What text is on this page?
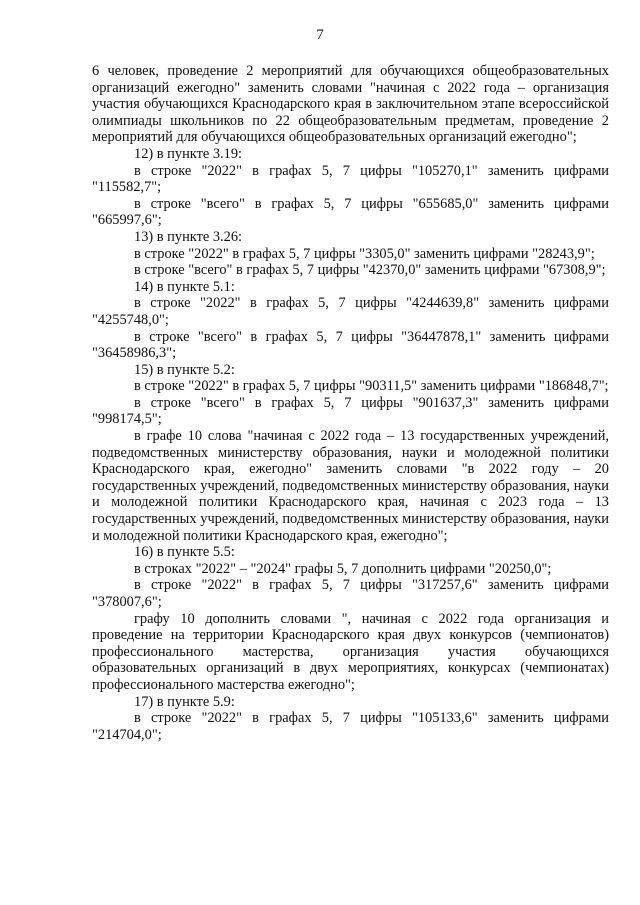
7

6 человек, проведение 2 мероприятий для обучающихся общеобразовательных организаций ежегодно" заменить словами "начиная с 2022 года – организация участия обучающихся Краснодарского края в заключительном этапе всероссийской олимпиады школьников по 22 общеобразовательным предметам, проведение 2 мероприятий для обучающихся общеобразовательных организаций ежегодно";

12) в пункте 3.19:

в строке "2022" в графах 5, 7 цифры "105270,1" заменить цифрами "115582,7";

в строке "всего" в графах 5, 7 цифры "655685,0" заменить цифрами "665997,6";

13) в пункте 3.26:

в строке "2022" в графах 5, 7 цифры "3305,0" заменить цифрами "28243,9";

в строке "всего" в графах 5, 7 цифры "42370,0" заменить цифрами "67308,9";

14) в пункте 5.1:

в строке "2022" в графах 5, 7 цифры "4244639,8" заменить цифрами "4255748,0";

в строке "всего" в графах 5, 7 цифры "36447878,1" заменить цифрами "36458986,3";

15) в пункте 5.2:

в строке "2022" в графах 5, 7 цифры "90311,5" заменить цифрами "186848,7";

в строке "всего" в графах 5, 7 цифры "901637,3" заменить цифрами "998174,5";

в графе 10 слова "начиная с 2022 года – 13 государственных учреждений, подведомственных министерству образования, науки и молодежной политики Краснодарского края, ежегодно" заменить словами "в 2022 году – 20 государственных учреждений, подведомственных министерству образования, науки и молодежной политики Краснодарского края, начиная с 2023 года – 13 государственных учреждений, подведомственных министерству образования, науки и молодежной политики Краснодарского края, ежегодно";

16) в пункте 5.5:

в строках "2022" – "2024" графы 5, 7 дополнить цифрами "20250,0";

в строке "2022" в графах 5, 7 цифры "317257,6" заменить цифрами "378007,6";

графу 10 дополнить словами ", начиная с 2022 года организация и проведение на территории Краснодарского края двух конкурсов (чемпионатов) профессионального мастерства, организация участия обучающихся образовательных организаций в двух мероприятиях, конкурсах (чемпионатах) профессионального мастерства ежегодно";

17) в пункте 5.9:

в строке "2022" в графах 5, 7 цифры "105133,6" заменить цифрами "214704,0";
